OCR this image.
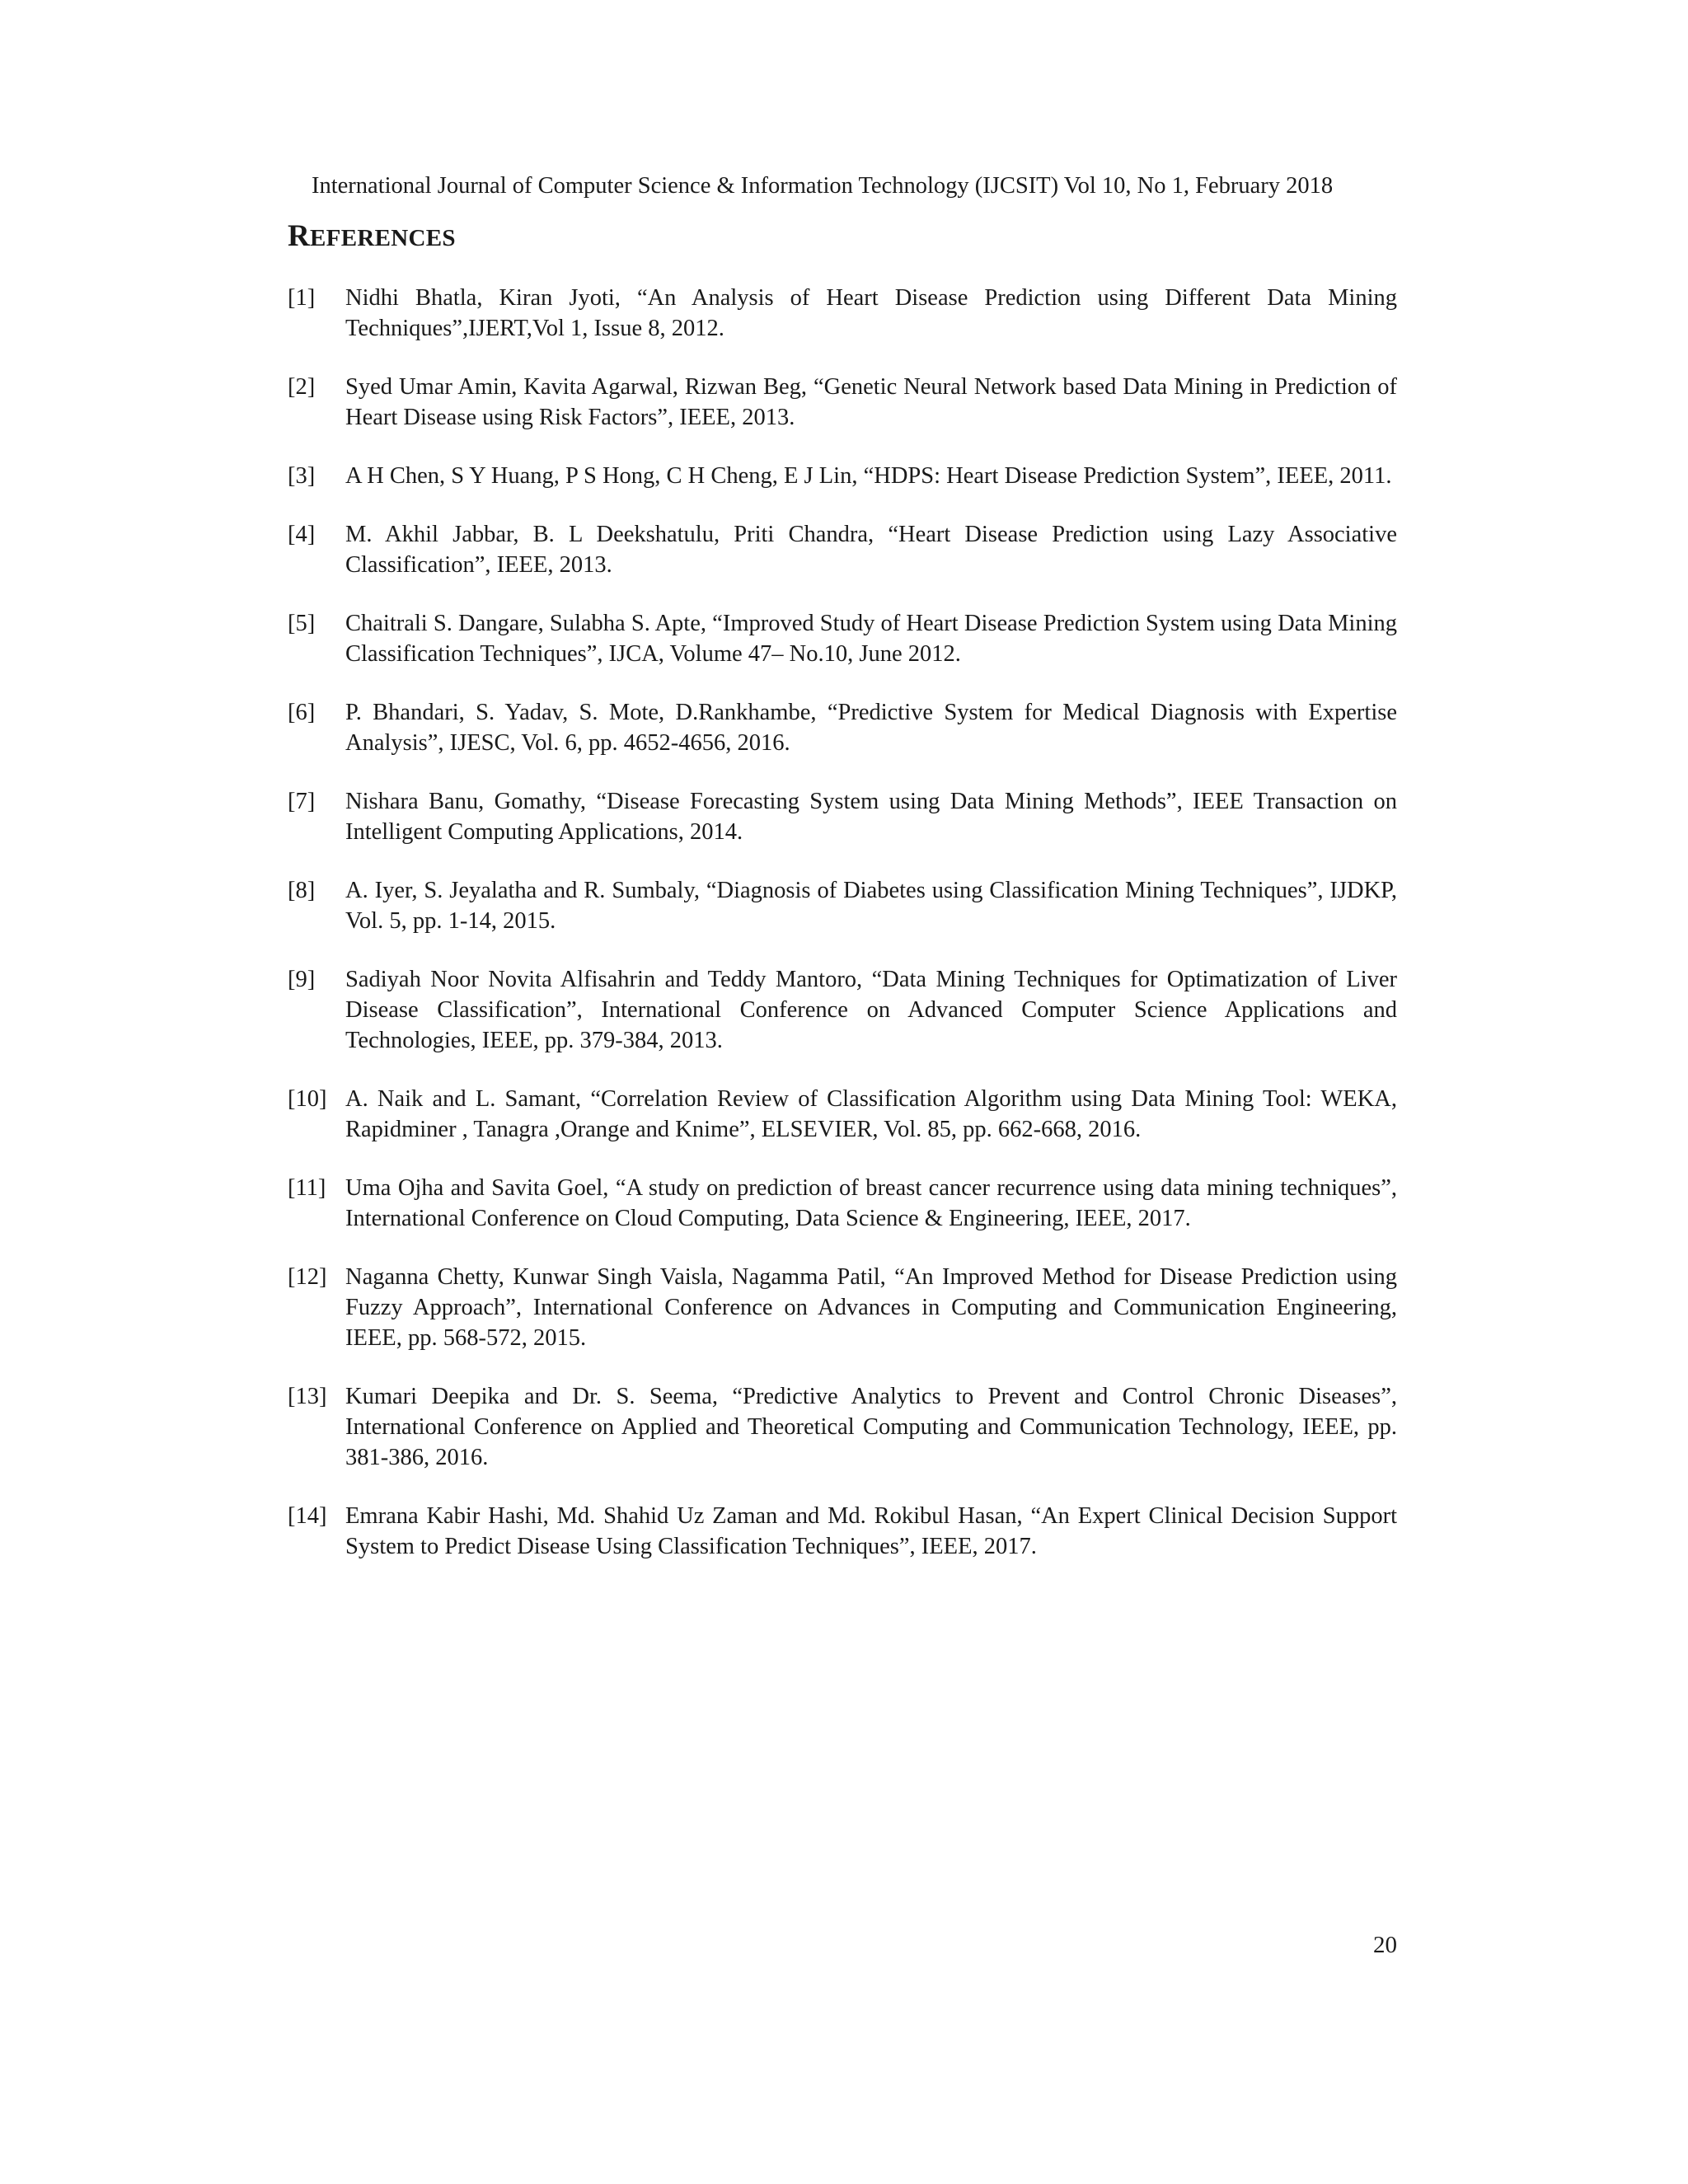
International Journal of Computer Science & Information Technology (IJCSIT) Vol 10, No 1, February 2018
REFERENCES
[1]	Nidhi Bhatla, Kiran Jyoti, “An Analysis of Heart Disease Prediction using Different Data Mining Techniques”,IJERT,Vol 1, Issue 8, 2012.
[2]	Syed Umar Amin, Kavita Agarwal, Rizwan Beg, “Genetic Neural Network based Data Mining in Prediction of Heart Disease using Risk Factors”, IEEE, 2013.
[3]	A H Chen, S Y Huang, P S Hong, C H Cheng, E J Lin, “HDPS: Heart Disease Prediction System”, IEEE, 2011.
[4]	M. Akhil Jabbar, B. L Deekshatulu, Priti Chandra, “Heart Disease Prediction using Lazy Associative Classification”, IEEE, 2013.
[5]	Chaitrali S. Dangare, Sulabha S. Apte, “Improved Study of Heart Disease Prediction System using Data Mining Classification Techniques”, IJCA, Volume 47– No.10, June 2012.
[6]	P. Bhandari, S. Yadav, S. Mote, D.Rankhambe, “Predictive System for Medical Diagnosis with Expertise Analysis”, IJESC, Vol. 6, pp. 4652-4656, 2016.
[7]	Nishara Banu, Gomathy, “Disease Forecasting System using Data Mining Methods”, IEEE Transaction on Intelligent Computing Applications, 2014.
[8]	A. Iyer, S. Jeyalatha and R. Sumbaly, “Diagnosis of Diabetes using Classification Mining Techniques”, IJDKP, Vol. 5, pp. 1-14, 2015.
[9]	Sadiyah Noor Novita Alfisahrin and Teddy Mantoro, “Data Mining Techniques for Optimatization of Liver Disease Classification”, International Conference on Advanced Computer Science Applications and Technologies, IEEE, pp. 379-384, 2013.
[10] A. Naik and L. Samant, “Correlation Review of Classification Algorithm using Data Mining Tool: WEKA, Rapidminer , Tanagra ,Orange and Knime”, ELSEVIER, Vol. 85, pp. 662-668, 2016.
[11] Uma Ojha and Savita Goel, “A study on prediction of breast cancer recurrence using data mining techniques”, International Conference on Cloud Computing, Data Science & Engineering, IEEE, 2017.
[12] Naganna Chetty, Kunwar Singh Vaisla, Nagamma Patil, “An Improved Method for Disease Prediction using Fuzzy Approach”, International Conference on Advances in Computing and Communication Engineering, IEEE, pp. 568-572, 2015.
[13] Kumari Deepika and Dr. S. Seema, “Predictive Analytics to Prevent and Control Chronic Diseases”, International Conference on Applied and Theoretical Computing and Communication Technology, IEEE, pp. 381-386, 2016.
[14] Emrana Kabir Hashi, Md. Shahid Uz Zaman and Md. Rokibul Hasan, “An Expert Clinical Decision Support System to Predict Disease Using Classification Techniques”, IEEE, 2017.
20
